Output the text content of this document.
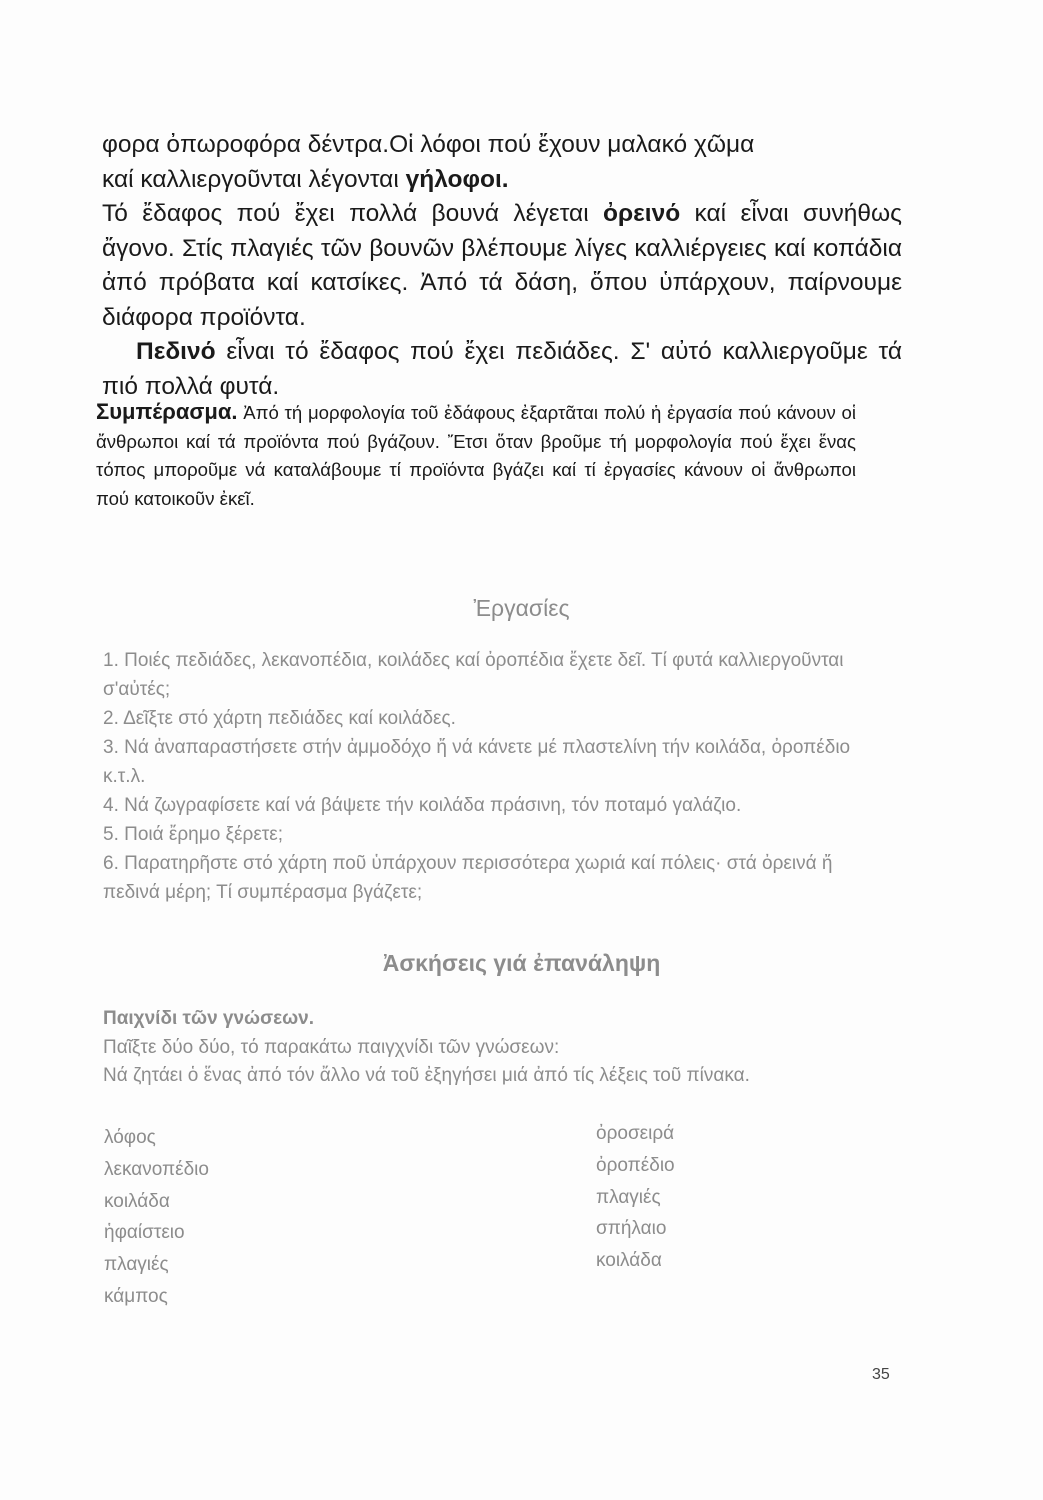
φορα ὀπωροφόρα δέντρα.Οἱ λόφοι πού ἔχουν μαλακό χῶμα
καί καλλιεργοῦνται λέγονται γήλοφοι.

Τό ἔδαφος πού ἔχει πολλά βουνά λέγεται ὀρεινό καί εἶναι συνήθως ἄγονο. Στίς πλαγιές τῶν βουνῶν βλέπουμε λίγες καλλιέργειες καί κοπάδια ἀπό πρόβατα καί κατσίκες. Ἀπό τά δάση, ὅπου ὑπάρχουν, παίρνουμε διάφορα προϊόντα.

Πεδινό εἶναι τό ἔδαφος πού ἔχει πεδιάδες. Σ' αὐτό καλλιεργοῦμε τά πιό πολλά φυτά.

Συμπέρασμα. Ἀπό τή μορφολογία τοῦ ἐδάφους ἐξαρτᾶται πολύ ἡ ἐργασία πού κάνουν οἱ ἄνθρωποι καί τά προϊόντα πού βγάζουν. Ἔτσι ὅταν βροῦμε τή μορφολογία πού ἔχει ἕνας τόπος μποροῦμε νά καταλάβουμε τί προϊόντα βγάζει καί τί ἐργασίες κάνουν οἱ ἄνθρωποι πού κατοικοῦν ἐκεῖ.

Ἐργασίες

1. Ποιές πεδιάδες, λεκανοπέδια, κοιλάδες καί ὀροπέδια ἔχετε δεῖ. Τί φυτά καλλιεργοῦνται σ'αὐτές;

2. Δεῖξτε στό χάρτη πεδιάδες καί κοιλάδες.

3. Νά ἀναπαραστήσετε στήν ἀμμοδόχο ἤ νά κάνετε μέ πλαστελίνη τήν κοιλάδα, ὀροπέδιο κ.τ.λ.

4. Νά ζωγραφίσετε καί νά βάψετε τήν κοιλάδα πράσινη, τόν ποταμό γαλάζιο.

5. Ποιά ἔρημο ξέρετε;

6. Παρατηρῆστε στό χάρτη ποῦ ὑπάρχουν περισσότερα χωριά καί πόλεις· στά ὀρεινά ἤ πεδινά μέρη; Τί συμπέρασμα βγάζετε;

Ἀσκήσεις γιά ἐπανάληψη

Παιχνίδι τῶν γνώσεων.

Παῖξτε δύο δύο, τό παρακάτω παιγχνίδι τῶν γνώσεων:

Νά ζητάει ὁ ἕνας ἀπό τόν ἄλλο νά τοῦ ἐξηγήσει μιά ἀπό τίς λέξεις τοῦ πίνακα.

λόφος
λεκανοπέδιο
κοιλάδα
ἡφαίστειο
πλαγιές
κάμπος
ὀροσειρά
ὀροπέδιο
πλαγιές
σπήλαιο
κοιλάδα
35
